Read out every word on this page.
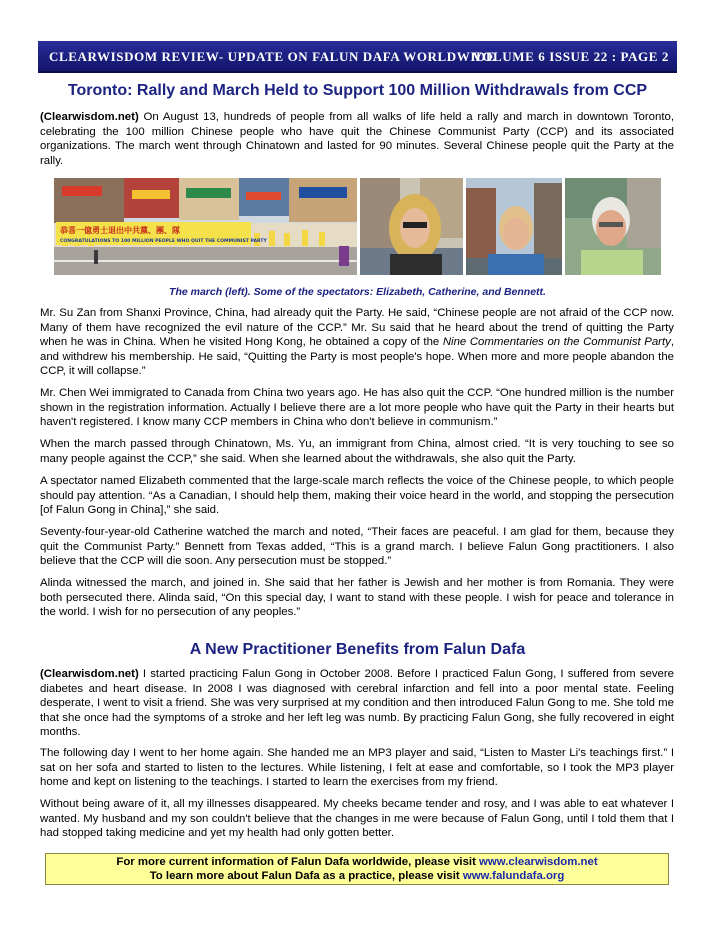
CLEARWISDOM REVIEW- UPDATE ON FALUN DAFA WORLDWIDE
VOLUME 6 ISSUE 22 : PAGE 2
Toronto: Rally and March Held to Support 100 Million Withdrawals from CCP

(Clearwisdom.net) On August 13, hundreds of people from all walks of life held a rally and march in downtown Toronto, celebrating the 100 million Chinese people who have quit the Chinese Communist Party (CCP) and its associated organizations. The march went through Chinatown and lasted for 90 minutes. Several Chinese people quit the Party at the rally.

恭喜一億勇士退出中共黨、團、隊
CONGRATULATIONS TO 100 MILLION PEOPLE WHO QUIT THE COMMUNIST PARTY

The march (left). Some of the spectators: Elizabeth, Catherine, and Bennett.

Mr. Su Zan from Shanxi Province, China, had already quit the Party. He said, “Chinese people are not afraid of the CCP now. Many of them have recognized the evil nature of the CCP.” Mr. Su said that he heard about the trend of quitting the Party when he was in China. When he visited Hong Kong, he obtained a copy of the Nine Commentaries on the Communist Party, and withdrew his membership. He said, “Quitting the Party is most people's hope. When more and more people abandon the CCP, it will collapse.”

Mr. Chen Wei immigrated to Canada from China two years ago. He has also quit the CCP. “One hundred million is the number shown in the registration information. Actually I believe there are a lot more people who have quit the Party in their hearts but haven't registered. I know many CCP members in China who don't believe in communism.”

When the march passed through Chinatown, Ms. Yu, an immigrant from China, almost cried. “It is very touching to see so many people against the CCP,” she said. When she learned about the withdrawals, she also quit the Party.

A spectator named Elizabeth commented that the large-scale march reflects the voice of the Chinese people, to which people should pay attention. “As a Canadian, I should help them, making their voice heard in the world, and stopping the persecution [of Falun Gong in China],” she said.

Seventy-four-year-old Catherine watched the march and noted, “Their faces are peaceful. I am glad for them, because they quit the Communist Party.” Bennett from Texas added, “This is a grand march. I believe Falun Gong practitioners. I also believe that the CCP will die soon. Any persecution must be stopped.”

Alinda witnessed the march, and joined in. She said that her father is Jewish and her mother is from Romania. They were both persecuted there. Alinda said, “On this special day, I want to stand with these people. I wish for peace and tolerance in the world. I wish for no persecution of any peoples.”

A New Practitioner Benefits from Falun Dafa

(Clearwisdom.net) I started practicing Falun Gong in October 2008. Before I practiced Falun Gong, I suffered from severe diabetes and heart disease. In 2008 I was diagnosed with cerebral infarction and fell into a poor mental state. Feeling desperate, I went to visit a friend. She was very surprised at my condition and then introduced Falun Gong to me. She told me that she once had the symptoms of a stroke and her left leg was numb. By practicing Falun Gong, she fully recovered in eight months.

The following day I went to her home again. She handed me an MP3 player and said, “Listen to Master Li's teachings first.” I sat on her sofa and started to listen to the lectures. While listening, I felt at ease and comfortable, so I took the MP3 player home and kept on listening to the teachings. I started to learn the exercises from my friend.

Without being aware of it, all my illnesses disappeared. My cheeks became tender and rosy, and I was able to eat whatever I wanted. My husband and my son couldn't believe that the changes in me were because of Falun Gong, until I told them that I had stopped taking medicine and yet my health had only gotten better.

For more current information of Falun Dafa worldwide, please visit www.clearwisdom.net
To learn more about Falun Dafa as a practice, please visit www.falundafa.org
